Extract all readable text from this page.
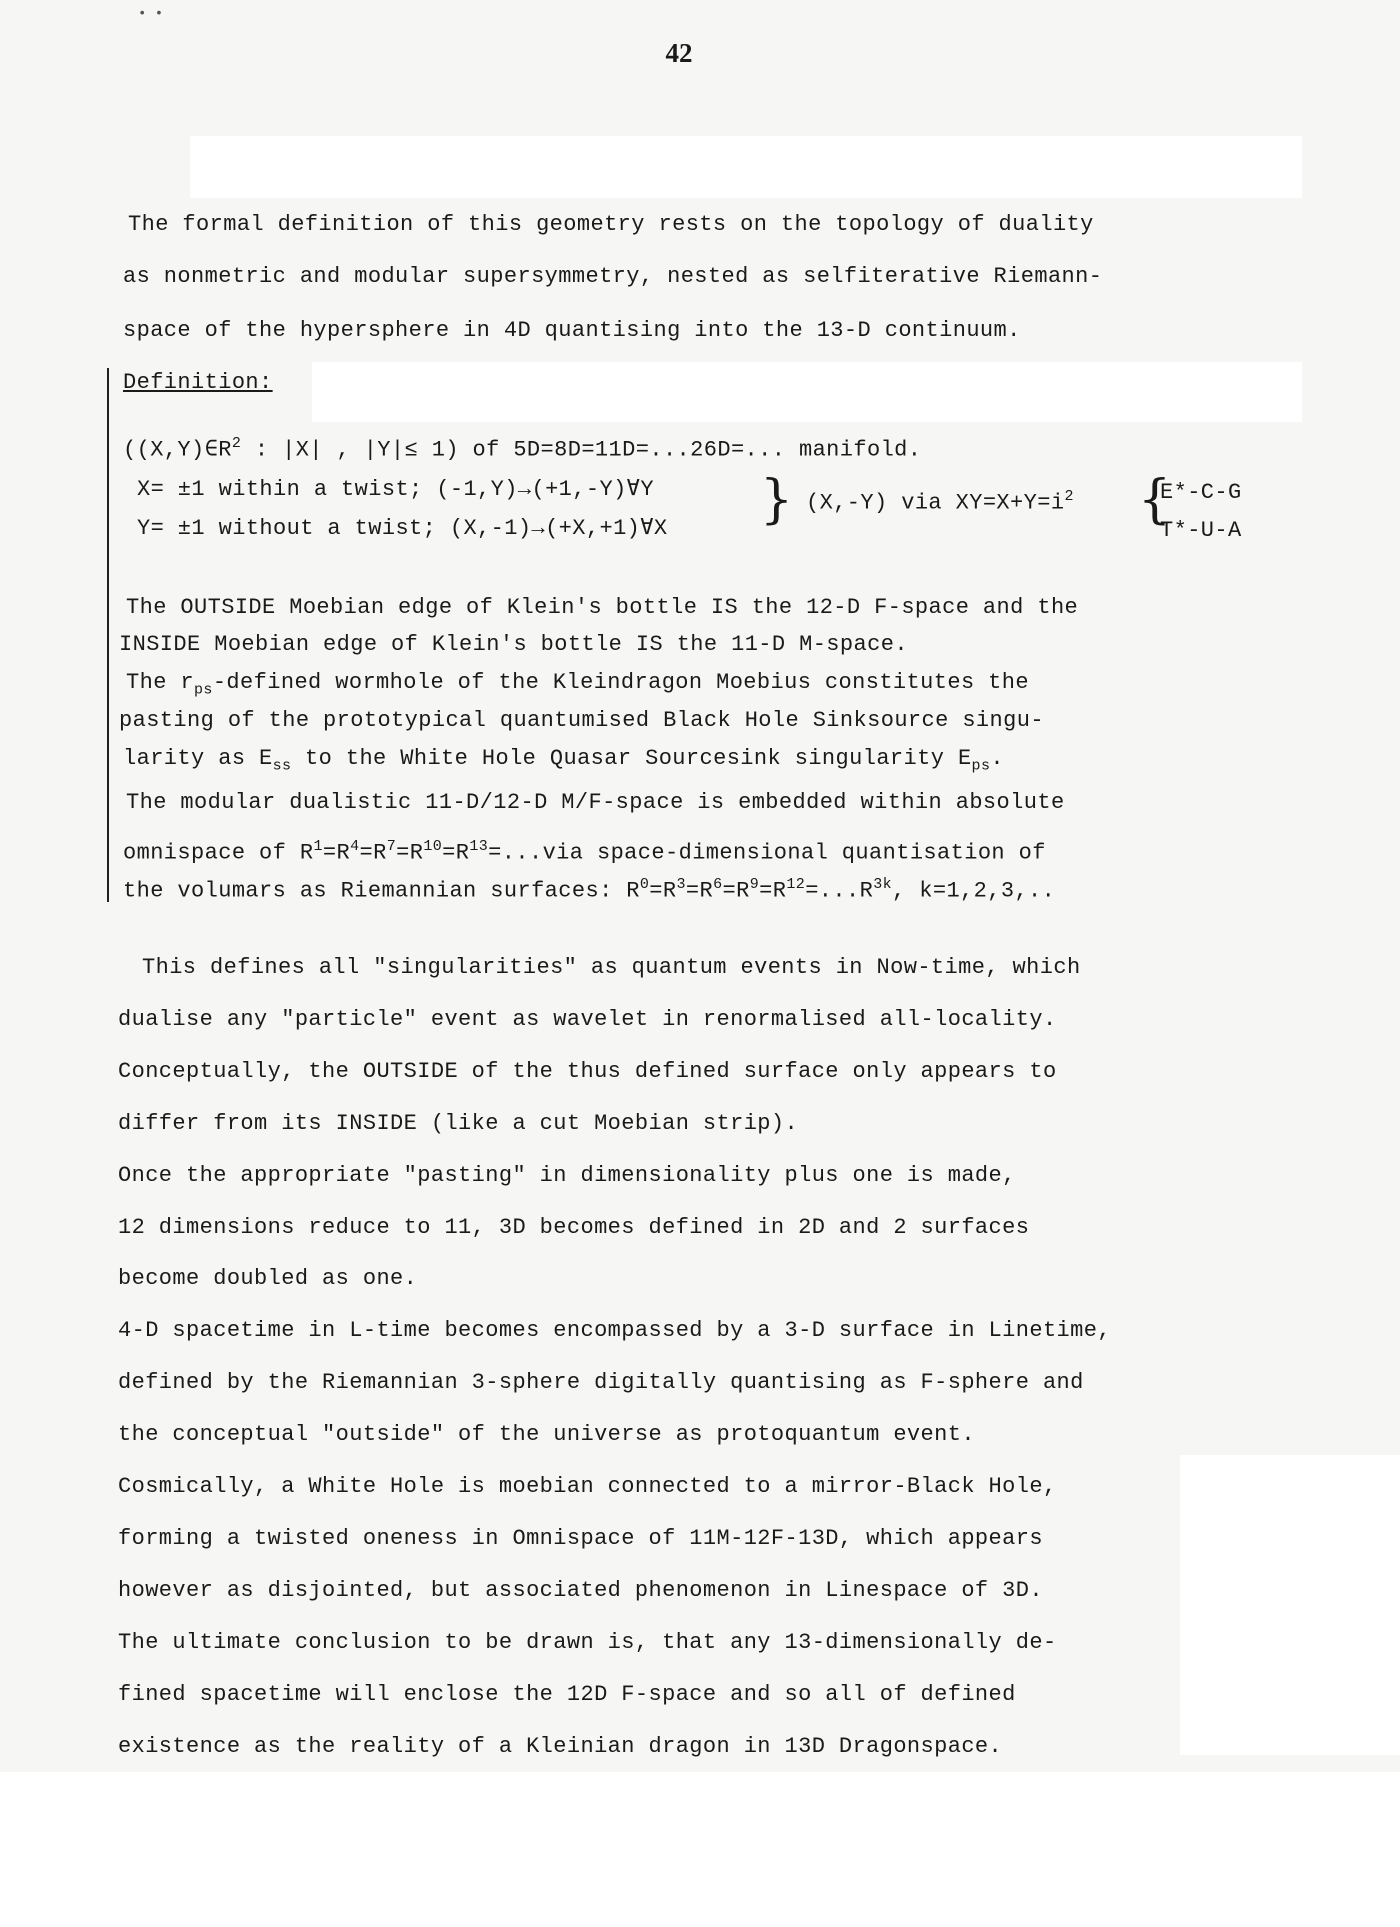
• •
42
The formal definition of this geometry rests on the topology of duality
as nonmetric and modular supersymmetry, nested as selfiterative Riemann-
space of the hypersphere in 4D quantising into the 13-D continuum.
Definition:
($(X,Y)\in R^2$ : |X| , |Y|≤ 1) of 5D=8D=11D=...26D=... manifold.
X= ±1 within a twist; (-1,Y)→(+1,-Y)∀Y
Y= ±1 without a twist; (X,-1)→(+X,+1)∀X } (X,-Y) via $XY=X+Y=i^2$ {
E*-C-G
T*-U-A
The OUTSIDE Moebian edge of Klein's bottle IS the 12-D F-space and the
INSIDE Moebian edge of Klein's bottle IS the 11-D M-space.
The $r_{ps}$-defined wormhole of the Kleindragon Moebius constitutes the
pasting of the prototypical quantumised Black Hole Sinksource singu-
larity as $E_{ss}$ to the White Hole Quasar Sourcesink singularity $E_{ps}$.
The modular dualistic 11-D/12-D M/F-space is embedded within absolute
omnispace of $R^1=R^4=R^7=R^{10}=R^{13}=...via$ space-dimensional quantisation of
the volumars as Riemannian surfaces: $R^0=R^3=R^6=R^9=R^{12}=...R^{3k}$, k=1,2,3,..
This defines all "singularities" as quantum events in Now-time, which
dualise any "particle" event as wavelet in renormalised all-locality.
Conceptually, the OUTSIDE of the thus defined surface only appears to
differ from its INSIDE (like a cut Moebian strip).
Once the appropriate "pasting" in dimensionality plus one is made,
12 dimensions reduce to 11, 3D becomes defined in 2D and 2 surfaces
become doubled as one.
4-D spacetime in L-time becomes encompassed by a 3-D surface in Linetime,
defined by the Riemannian 3-sphere digitally quantising as F-sphere and
the conceptual "outside" of the universe as protoquantum event.
Cosmically, a White Hole is moebian connected to a mirror-Black Hole,
forming a twisted oneness in Omnispace of 11M-12F-13D, which appears
however as disjointed, but associated phenomenon in Linespace of 3D.
The ultimate conclusion to be drawn is, that any 13-dimensionally de-
fined spacetime will enclose the 12D F-space and so all of defined
existence as the reality of a Kleinian dragon in 13D Dragonspace.
